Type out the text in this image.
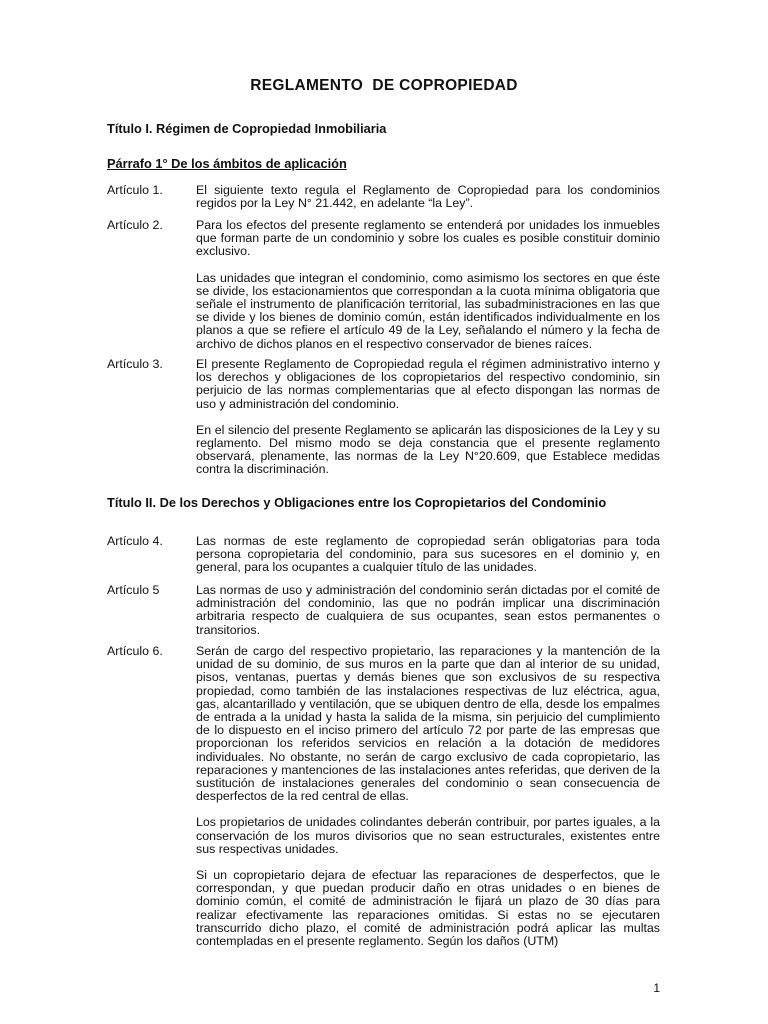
REGLAMENTO  DE COPROPIEDAD
Título I. Régimen de Copropiedad Inmobiliaria
Párrafo 1° De los ámbitos de aplicación
Artículo 1.	El siguiente texto regula el Reglamento de Copropiedad para los condominios regidos por la Ley N° 21.442, en adelante “la Ley”.

Artículo 2.	Para los efectos del presente reglamento se entenderá por unidades los inmuebles que forman parte de un condominio y sobre los cuales es posible constituir dominio exclusivo.

Las unidades que integran el condominio, como asimismo los sectores en que éste se divide, los estacionamientos que correspondan a la cuota mínima obligatoria que señale el instrumento de planificación territorial, las subadministraciones en las que se divide y los bienes de dominio común, están identificados individualmente en los planos a que se refiere el artículo 49 de la Ley, señalando el número y la fecha de archivo de dichos planos en el respectivo conservador de bienes raíces.

Artículo 3.	El presente Reglamento de Copropiedad regula el régimen administrativo interno y los derechos y obligaciones de los copropietarios del respectivo condominio, sin perjuicio de las normas complementarias que al efecto dispongan las normas de uso y administración del condominio.

En el silencio del presente Reglamento se aplicarán las disposiciones de la Ley y su reglamento. Del mismo modo se deja constancia que el presente reglamento observará, plenamente, las normas de la Ley N°20.609, que Establece medidas contra la discriminación.

Título II. De los Derechos y Obligaciones entre los Copropietarios del Condominio
Artículo 4.	Las normas de este reglamento de copropiedad serán obligatorias para toda persona copropietaria del condominio, para sus sucesores en el dominio y, en general, para los ocupantes a cualquier título de las unidades.

Artículo 5	Las normas de uso y administración del condominio serán dictadas por el comité de administración del condominio, las que no podrán implicar una discriminación arbitraria respecto de cualquiera de sus ocupantes, sean estos permanentes o transitorios.

Artículo 6.	Serán de cargo del respectivo propietario, las reparaciones y la mantención de la unidad de su dominio, de sus muros en la parte que dan al interior de su unidad, pisos, ventanas, puertas y demás bienes que son exclusivos de su respectiva propiedad, como también de las instalaciones respectivas de luz eléctrica, agua, gas, alcantarillado y ventilación, que se ubiquen dentro de ella, desde los empalmes de entrada a la unidad y hasta la salida de la misma, sin perjuicio del cumplimiento de lo dispuesto en el inciso primero del artículo 72 por parte de las empresas que proporcionan los referidos servicios en relación a la dotación de medidores individuales. No obstante, no serán de cargo exclusivo de cada copropietario, las reparaciones y mantenciones de las instalaciones antes referidas, que deriven de la sustitución de instalaciones generales del condominio o sean consecuencia de desperfectos de la red central de ellas.

Los propietarios de unidades colindantes deberán contribuir, por partes iguales, a la conservación de los muros divisorios que no sean estructurales, existentes entre sus respectivas unidades.

Si un copropietario dejara de efectuar las reparaciones de desperfectos, que le correspondan, y que puedan producir daño en otras unidades o en bienes de dominio común, el comité de administración le fijará un plazo de 30 días para realizar efectivamente las reparaciones omitidas. Si estas no se ejecutaren transcurrido dicho plazo, el comité de administración podrá aplicar las multas contempladas en el presente reglamento. Según los daños (UTM)

1
